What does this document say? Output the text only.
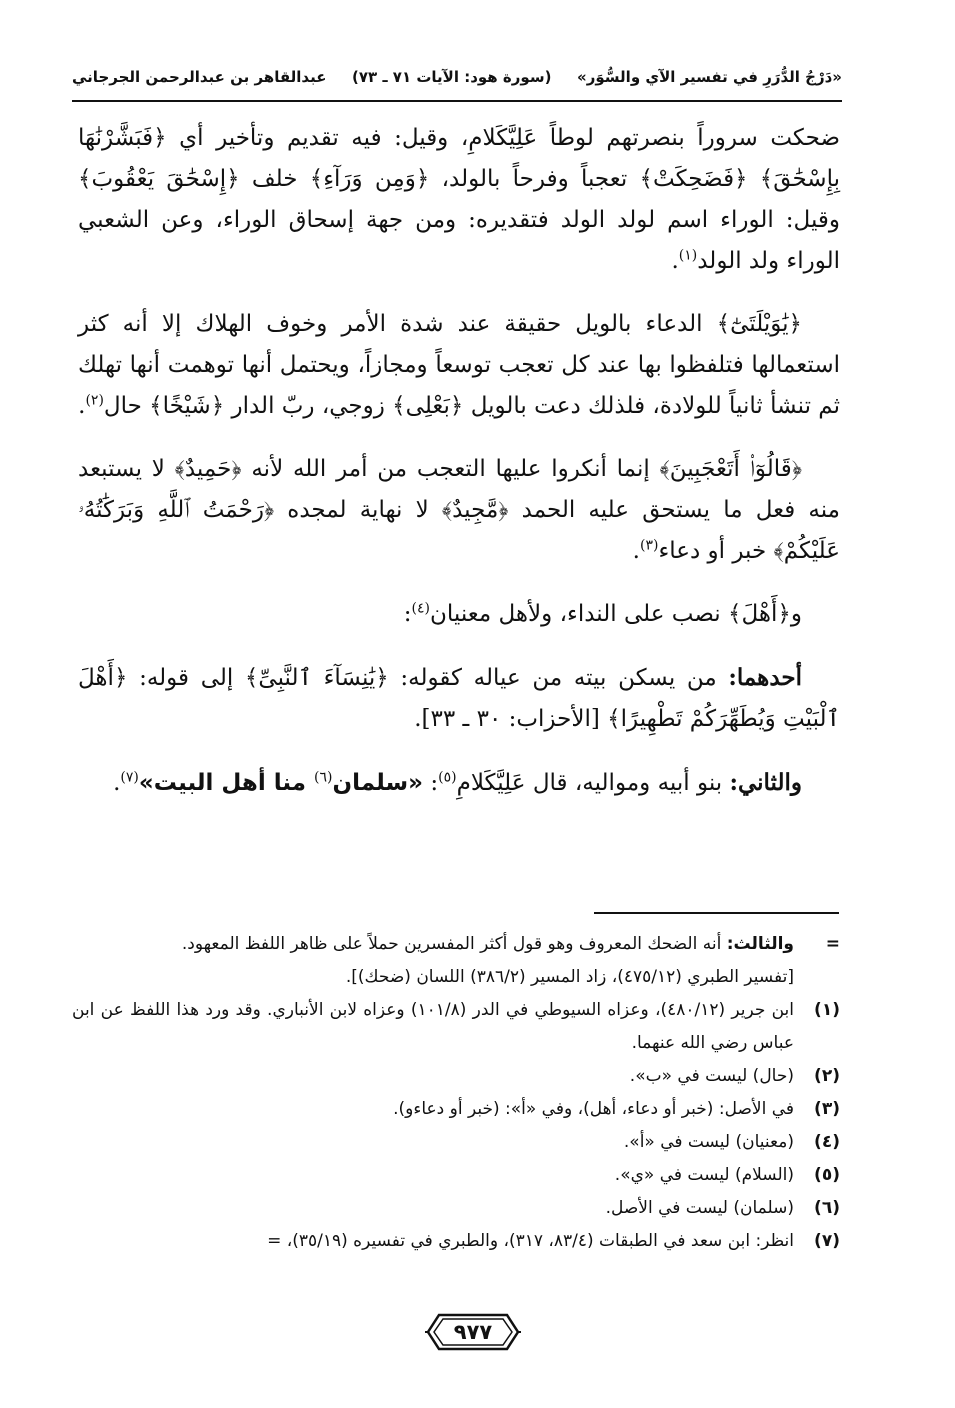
«دَرْجُ الدُّرَرِ في تفسير الآي والسُّوَر»
(سورة هود: الآيات ٧١ ـ ٧٣)
عبدالقاهر بن عبدالرحمن الجرجاني

ضحكت سروراً بنصرتهم لوطاً عَلِيَّكَلامِ، وقيل: فيه تقديم وتأخير أي ﴿فَبَشَّرْنَٰهَا بِإِسْحَٰقَ﴾ ﴿فَضَحِكَتْ﴾ تعجباً وفرحاً بالولد، ﴿وَمِن وَرَآءِ﴾ خلف ﴿إِسْحَٰقَ يَعْقُوبَ﴾ وقيل: الوراء اسم لولد الولد فتقديره: ومن جهة إسحاق الوراء، وعن الشعبي الوراء ولد الولد$^{(١)}$.

﴿يَٰوَيْلَتَىٰٓ﴾ الدعاء بالويل حقيقة عند شدة الأمر وخوف الهلاك إلا أنه كثر استعمالها فتلفظوا بها عند كل تعجب توسعاً ومجازاً، ويحتمل أنها توهمت أنها تهلك ثم تنشأ ثانياً للولادة، فلذلك دعت بالويل ﴿بَعْلِى﴾ زوجي، ربّ الدار ﴿شَيْخًا﴾ حال$^{(٢)}$.

﴿قَالُوٓا۟ أَتَعْجَبِينَ﴾ إنما أنكروا عليها التعجب من أمر الله لأنه ﴿حَمِيدٌ﴾ لا يستبعد منه فعل ما يستحق عليه الحمد ﴿مَّجِيدٌ﴾ لا نهاية لمجده ﴿رَحْمَتُ ٱللَّهِ وَبَرَكَٰتُهُۥ عَلَيْكُمْ﴾ خبر أو دعاء$^{(٣)}$.

و﴿أَهْلَ﴾ نصب على النداء، ولأهل معنيان$^{(٤)}$:

أحدهما: من يسكن بيته من عياله كقوله: ﴿يَٰنِسَآءَ ٱلنَّبِىِّ﴾ إلى قوله: ﴿أَهْلَ ٱلْبَيْتِ وَيُطَهِّرَكُمْ تَطْهِيرًا﴾ [الأحزاب: ٣٠ ـ ٣٣].

والثاني: بنو أبيه ومواليه، قال عَلِيَّكَلامِ$^{(٥)}$: «سلمان$^{(٦)}$ منا أهل البيت»$^{(٧)}$.

=
والثالث: أنه الضحك المعروف وهو قول أكثر المفسرين حملاً على ظاهر اللفظ المعهود.
[تفسير الطبري (٤٧٥/١٢)، زاد المسير (٣٨٦/٢) اللسان (ضحك)].
(١)
ابن جرير (٤٨٠/١٢)، وعزاه السيوطي في الدر (١٠١/٨) وعزاه لابن الأنباري. وقد ورد هذا اللفظ عن ابن عباس رضي الله عنهما.
(٢)
(حال) ليست في «ب».
(٣)
في الأصل: (خبر أو دعاء، أهل)، وفي «أ»: (خبر أو دعاءو).
(٤)
(معنيان) ليست في «أ».
(٥)
(السلام) ليست في «ي».
(٦)
(سلمان) ليست في الأصل.
(٧)
انظر: ابن سعد في الطبقات (٨٣/٤، ٣١٧)، والطبري في تفسيره (٣٥/١٩)، =
٩٧٧
